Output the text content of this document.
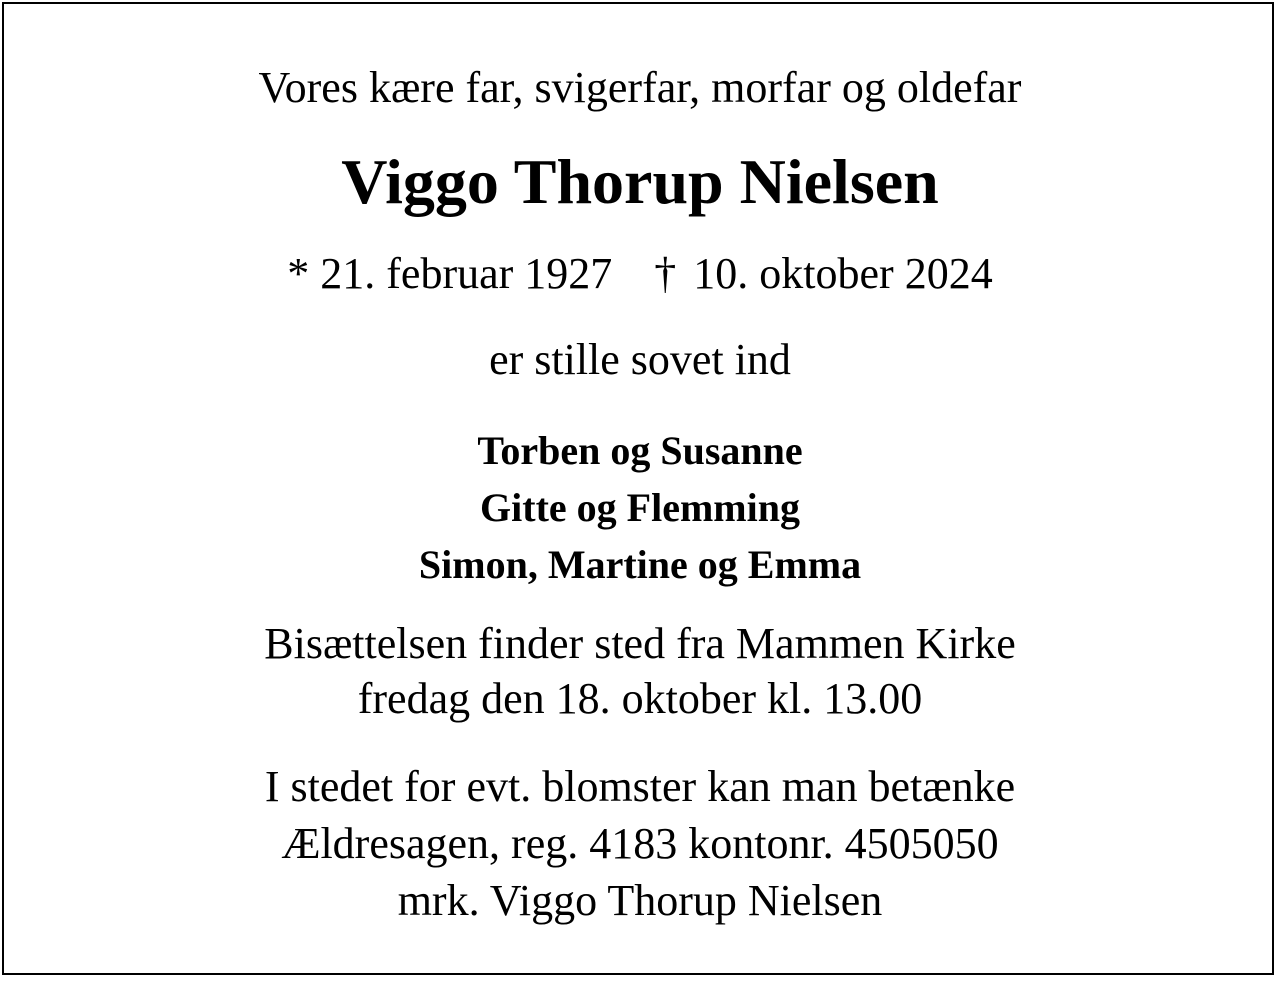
Vores kære far, svigerfar, morfar og oldefar
Viggo Thorup Nielsen
* 21. februar 1927 † 10. oktober 2024
er stille sovet ind
Torben og Susanne
Gitte og Flemming
Simon, Martine og Emma
Bisættelsen finder sted fra Mammen Kirke
fredag den 18. oktober kl. 13.00
I stedet for evt. blomster kan man betænke
Ældresagen, reg. 4183 kontonr. 4505050
mrk. Viggo Thorup Nielsen
